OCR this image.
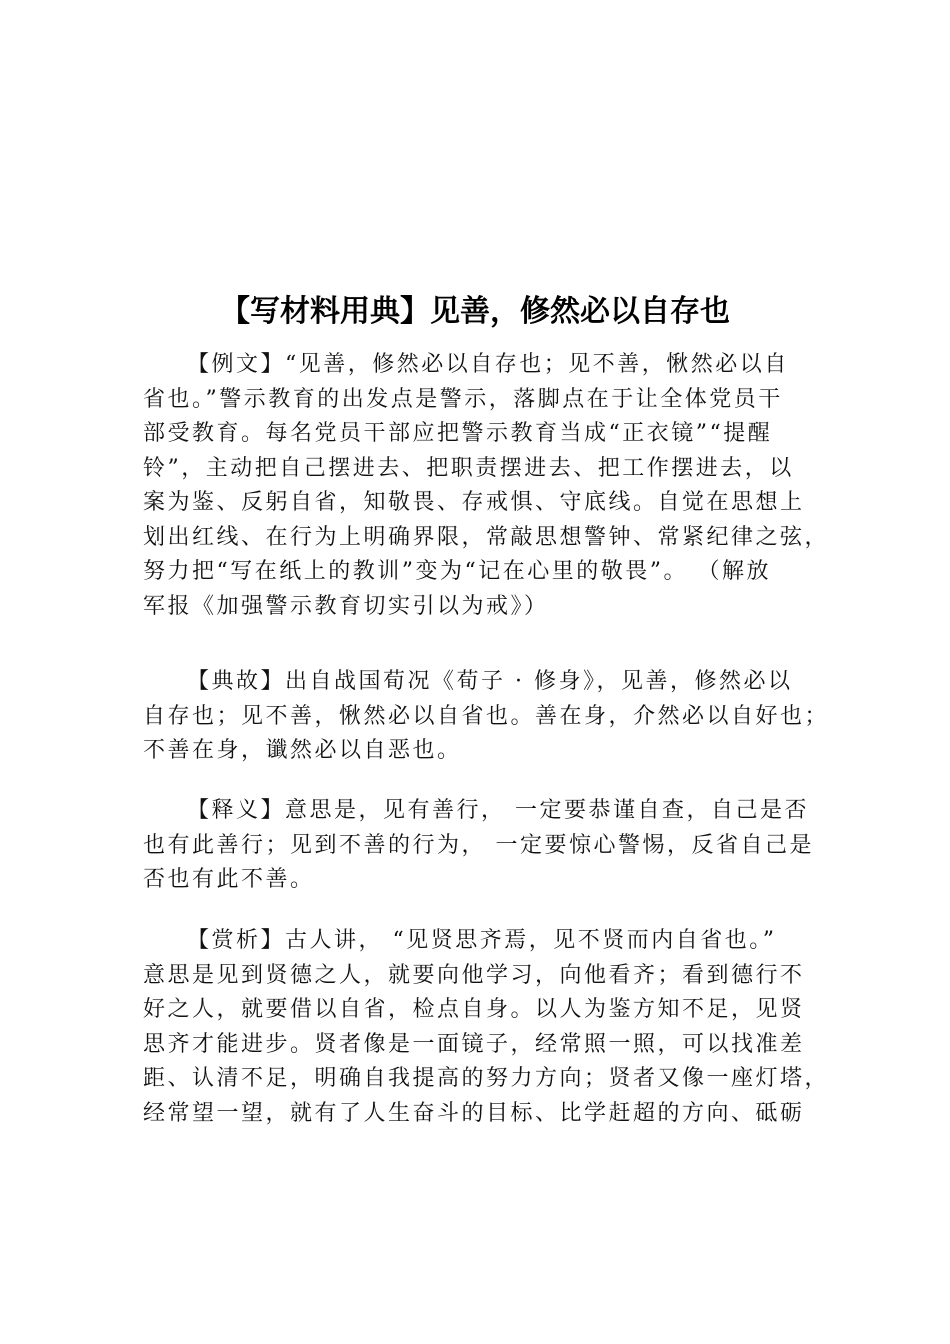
【写材料用典】见善，修然必以自存也
【例文】“见善，修然必以自存也；见不善，愀然必以自
省也。”警示教育的出发点是警示，落脚点在于让全体党员干
部受教育。每名党员干部应把警示教育当成“正衣镜”“提醒
铃”，主动把自己摆进去、把职责摆进去、把工作摆进去，以
案为鉴、反躬自省，知敬畏、存戒惧、守底线。自觉在思想上
划出红线、在行为上明确界限，常敲思想警钟、常紧纪律之弦，
努力把“写在纸上的教训”变为“记在心里的敬畏”。 （解放
军报《加强警示教育切实引以为戒》）
【典故】出自战国荀况《荀子 · 修身》，见善，修然必以
自存也；见不善，愀然必以自省也。善在身，介然必以自好也；
不善在身，谶然必以自恶也。
【释义】意思是，见有善行， 一定要恭谨自查，自己是否
也有此善行；见到不善的行为， 一定要惊心警惕，反省自己是
否也有此不善。
【赏析】古人讲， “见贤思齐焉，见不贤而内自省也。”
意思是见到贤德之人，就要向他学习，向他看齐；看到德行不
好之人，就要借以自省，检点自身。以人为鉴方知不足，见贤
思齐才能进步。贤者像是一面镜子，经常照一照，可以找准差
距、认清不足，明确自我提高的努力方向；贤者又像一座灯塔，
经常望一望，就有了人生奋斗的目标、比学赶超的方向、砥砺
